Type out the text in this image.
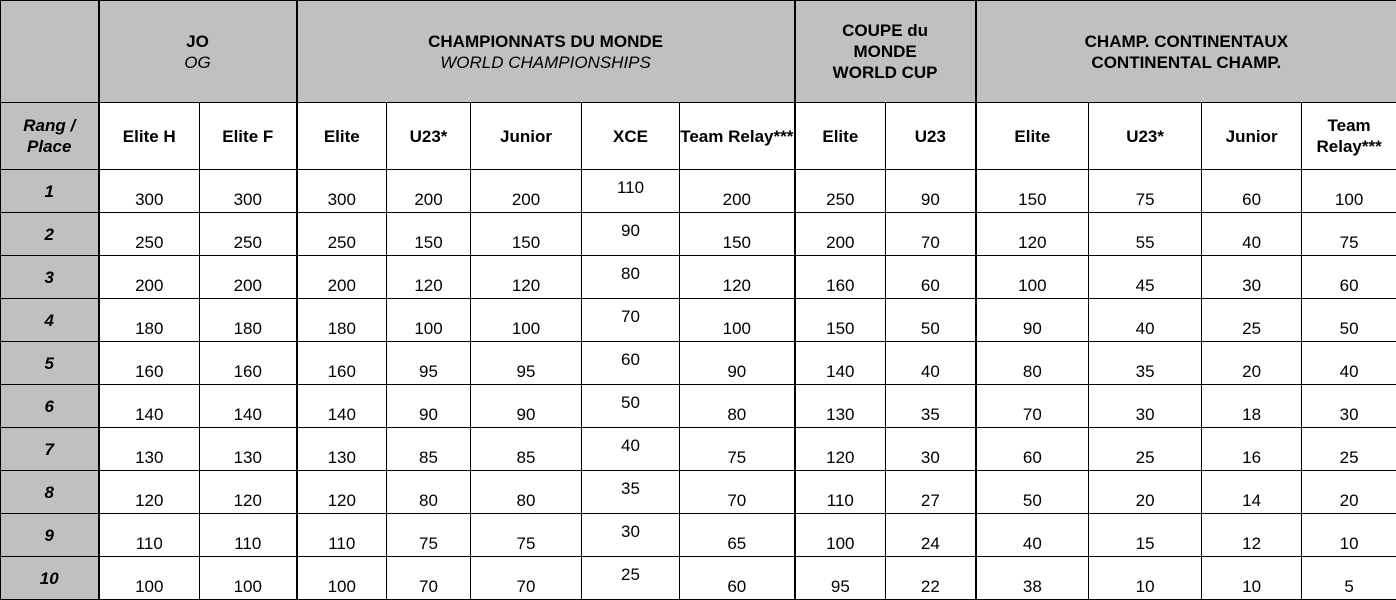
	JO
OG		CHAMPIONNATS DU MONDE
WORLD CHAMPIONSHIPS					COUPE du
MONDE
WORLD CUP		CHAMP. CONTINENTAUX
CONTINENTAL CHAMP.			

Rang / Place	Elite H	Elite F	Elite	U23*	Junior	XCE	Team Relay***	Elite	U23	Elite	U23*	Junior	Team Relay***
1	300	300	300	200	200	110	200	250	90	150	75	60	100
2	250	250	250	150	150	90	150	200	70	120	55	40	75
3	200	200	200	120	120	80	120	160	60	100	45	30	60
4	180	180	180	100	100	70	100	150	50	90	40	25	50
5	160	160	160	95	95	60	90	140	40	80	35	20	40
6	140	140	140	90	90	50	80	130	35	70	30	18	30
7	130	130	130	85	85	40	75	120	30	60	25	16	25
8	120	120	120	80	80	35	70	110	27	50	20	14	20
9	110	110	110	75	75	30	65	100	24	40	15	12	10
10	100	100	100	70	70	25	60	95	22	38	10	10	5
